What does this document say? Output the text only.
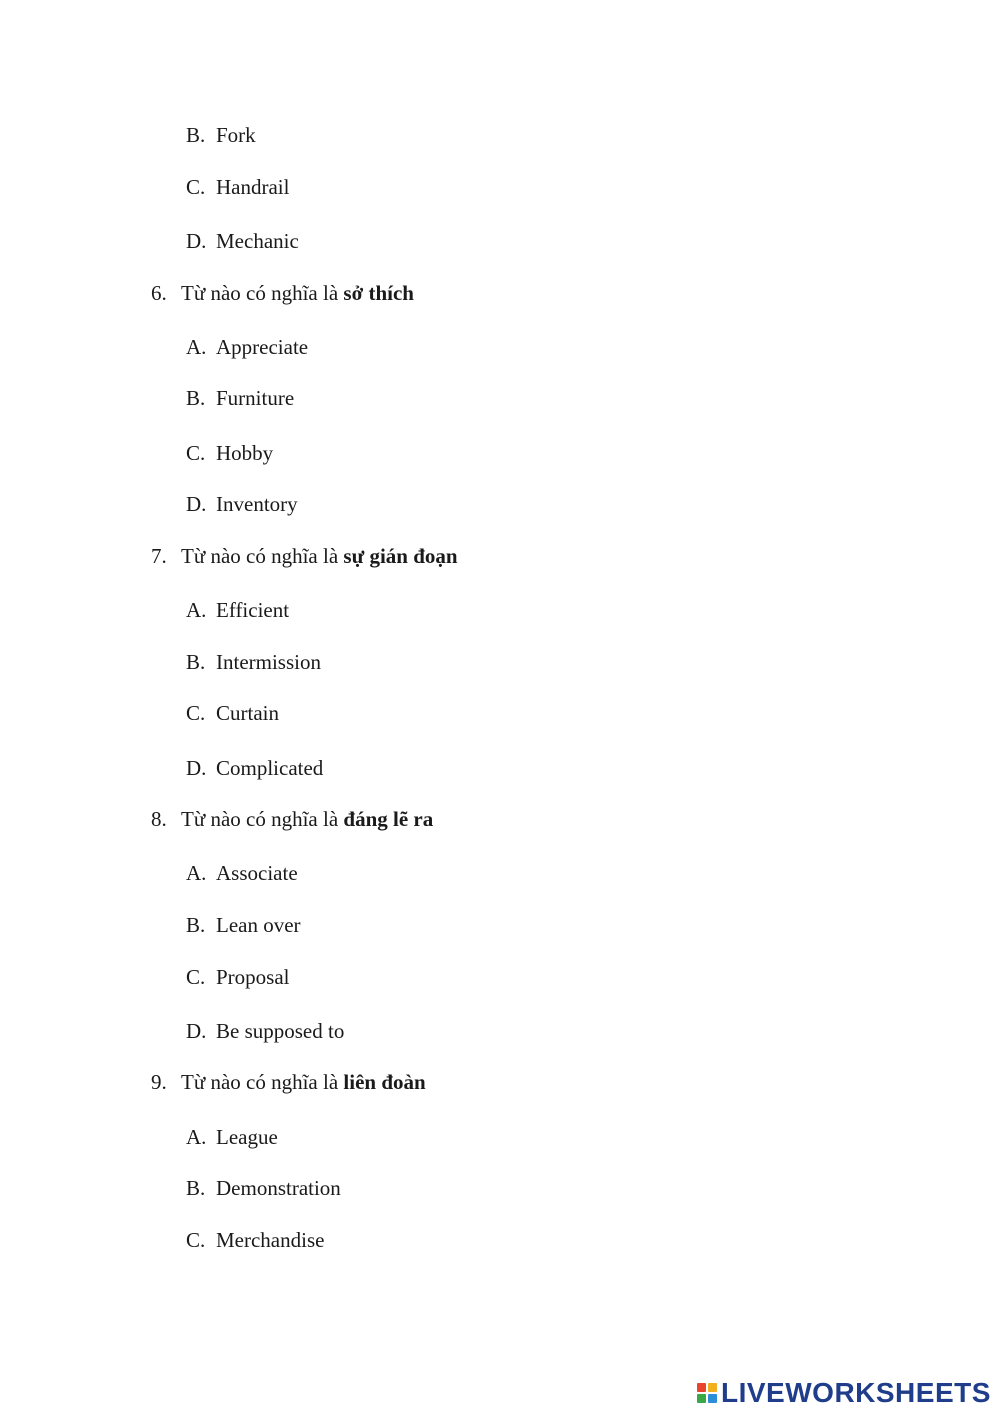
B. Fork
C. Handrail
D. Mechanic
6. Từ nào có nghĩa là sở thích
A. Appreciate
B. Furniture
C. Hobby
D. Inventory
7. Từ nào có nghĩa là sự gián đoạn
A. Efficient
B. Intermission
C. Curtain
D. Complicated
8. Từ nào có nghĩa là đáng lẽ ra
A. Associate
B. Lean over
C. Proposal
D. Be supposed to
9. Từ nào có nghĩa là liên đoàn
A. League
B. Demonstration
C. Merchandise
LIVEWORKSHEETS
